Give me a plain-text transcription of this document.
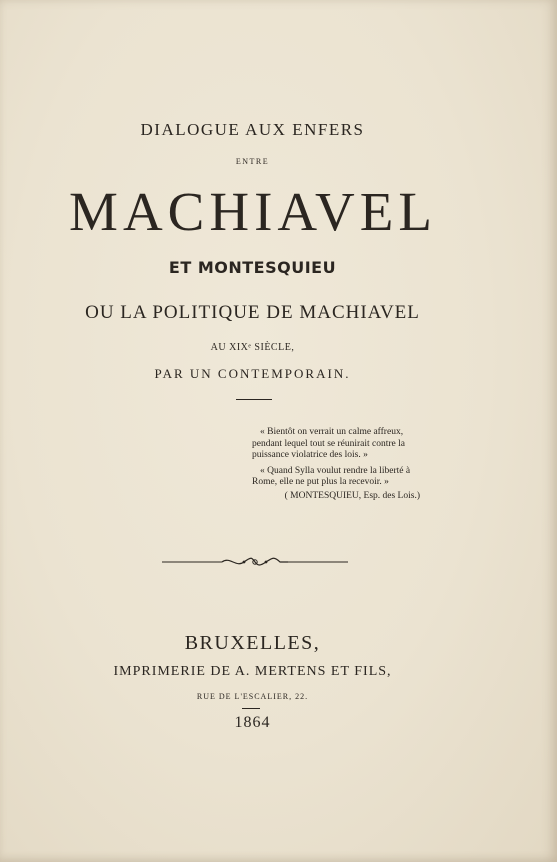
DIALOGUE AUX ENFERS
ENTRE
MACHIAVEL
ET MONTESQUIEU
OU LA POLITIQUE DE MACHIAVEL
AU XIXᵉ SIÈCLE,
PAR UN CONTEMPORAIN.

« Bientôt on verrait un calme affreux, pendant lequel tout se réunirait contre la puissance violatrice des lois. »

« Quand Sylla voulut rendre la liberté à Rome, elle ne put plus la recevoir. »

( MONTESQUIEU, Esp. des Lois.)
BRUXELLES,
IMPRIMERIE DE A. MERTENS ET FILS,
RUE DE L'ESCALIER, 22.
1864
